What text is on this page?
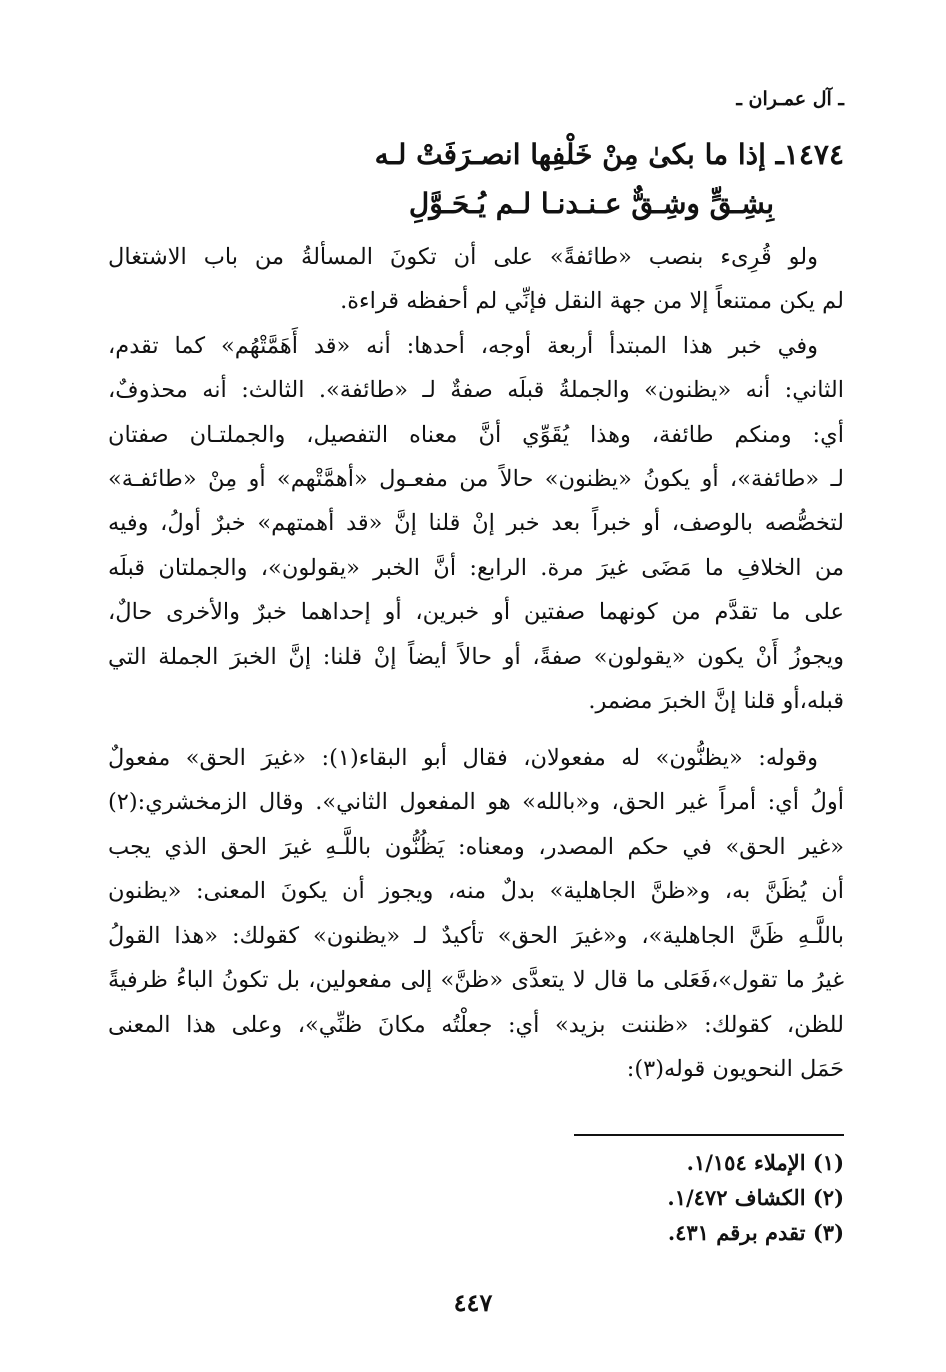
ـ آل عمـران ـ
١٤٧٤ـ إذا ما بكىٰ مِنْ خَلْفِها انصـرَفَتْ لـه
بِشِـقٍّ وشِـقٌّ عـنـدنـا لـم يُـحَـوَّلِ
ولو قُرِىء بنصب «طائفةً» على أن تكونَ المسألةُ من باب الاشتغال
لم يكن ممتنعاً إلا من جهة النقل فإنِّي لم أحفظه قراءة.
وفي خبر هذا المبتدأ أربعة أوجه، أحدها: أنه «قد أَهَمَّتْهُم» كما تقدم،
الثاني: أنه «يظنون» والجملةُ قبلَه صفةٌ لـ «طائفة». الثالث: أنه محذوفٌ،
أي: ومنكم طائفة، وهذا يُقَوِّي أنَّ معناه التفصيل، والجملتـان صفتان
لـ «طائفة»، أو يكونُ «يظنون» حالاً من مفعـول «أهمَّتْهم» أو مِنْ «طائفـة»
لتخصُّصه بالوصف، أو خبراً بعد خبر إنْ قلنا إنَّ «قد أهمتهم» خبرٌ أولُ، وفيه
من الخلافِ ما مَضَى غيرَ مرة. الرابع: أنَّ الخبر «يقولون»، والجملتان قبلَه
على ما تقدَّم من كونهما صفتين أو خبرين، أو إحداهما خبرٌ والأخرى حالٌ،
ويجوزُ أَنْ يكون «يقولون» صفةً، أو حالاً أيضاً إنْ قلنا: إنَّ الخبرَ الجملة التي
قبله،أو قلنا إنَّ الخبرَ مضمر.
وقوله: «يظنُّون» له مفعولان، فقال أبو البقاء(١): «غيرَ الحق» مفعولٌ
أولُ أي: أمراً غير الحق، و«بالله» هو المفعول الثاني». وقال الزمخشري:(٢)
«غير الحق» في حكم المصدر، ومعناه: يَظُنُّون باللَّـهِ غيرَ الحق الذي يجب
أن يُظَنَّ به، و«ظنَّ الجاهلية» بدلٌ منه، ويجوز أن يكونَ المعنى: «يظنون
باللَّـهِ ظَنَّ الجاهلية»، و«غيرَ الحق» تأكيدٌ لـ «يظنون» كقولك: «هذا القولُ
غيرُ ما تقول»،فَعَلى ما قال لا يتعدَّى «ظنَّ» إلى مفعولين، بل تكونُ الباءُ ظرفيةً
للظن، كقولك: «ظننت بزيد» أي: جعلْتُه مكانَ ظنِّي»، وعلى هذا المعنى
حَمَل النحويون قوله(٣):
(١) الإملاء ١/١٥٤.
(٢) الكشاف ١/٤٧٢.
(٣) تقدم برقم ٤٣١.
٤٤٧
